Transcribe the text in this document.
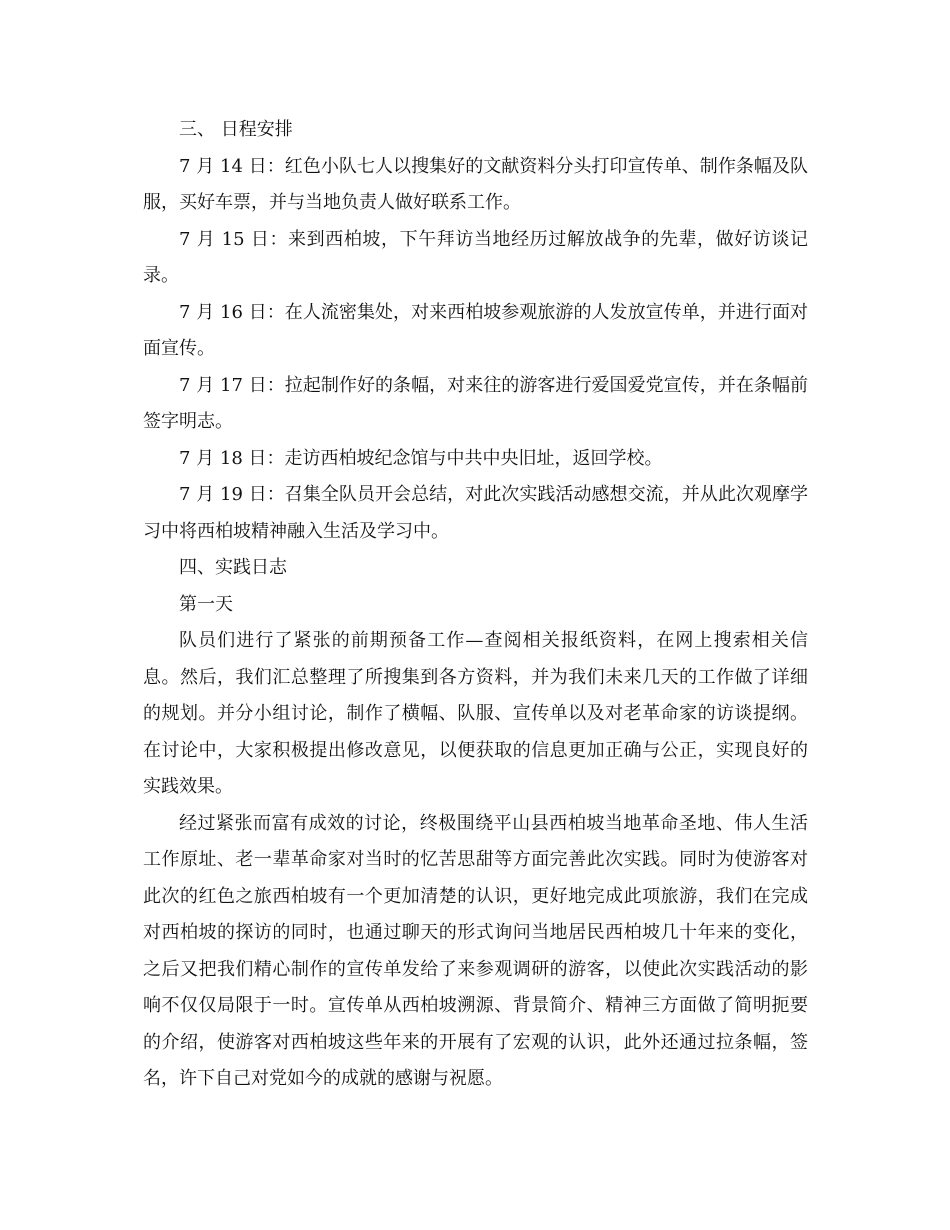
三、 日程安排

7 月 14 日：红色小队七人以搜集好的文献资料分头打印宣传单、制作条幅及队服，买好车票，并与当地负责人做好联系工作。

7 月 15 日：来到西柏坡，下午拜访当地经历过解放战争的先辈，做好访谈记录。

7 月 16 日：在人流密集处，对来西柏坡参观旅游的人发放宣传单，并进行面对面宣传。

7 月 17 日：拉起制作好的条幅，对来往的游客进行爱国爱党宣传，并在条幅前签字明志。

7 月 18 日：走访西柏坡纪念馆与中共中央旧址，返回学校。

7 月 19 日：召集全队员开会总结，对此次实践活动感想交流，并从此次观摩学习中将西柏坡精神融入生活及学习中。

四、实践日志

第一天

队员们进行了紧张的前期预备工作—查阅相关报纸资料，在网上搜索相关信息。然后，我们汇总整理了所搜集到各方资料，并为我们未来几天的工作做了详细的规划。并分小组讨论，制作了横幅、队服、宣传单以及对老革命家的访谈提纲。在讨论中，大家积极提出修改意见，以便获取的信息更加正确与公正，实现良好的实践效果。

经过紧张而富有成效的讨论，终极围绕平山县西柏坡当地革命圣地、伟人生活工作原址、老一辈革命家对当时的忆苦思甜等方面完善此次实践。同时为使游客对此次的红色之旅西柏坡有一个更加清楚的认识，更好地完成此项旅游，我们在完成对西柏坡的探访的同时，也通过聊天的形式询问当地居民西柏坡几十年来的变化，之后又把我们精心制作的宣传单发给了来参观调研的游客，以使此次实践活动的影响不仅仅局限于一时。宣传单从西柏坡溯源、背景简介、精神三方面做了简明扼要的介绍，使游客对西柏坡这些年来的开展有了宏观的认识，此外还通过拉条幅，签名，许下自己对党如今的成就的感谢与祝愿。
